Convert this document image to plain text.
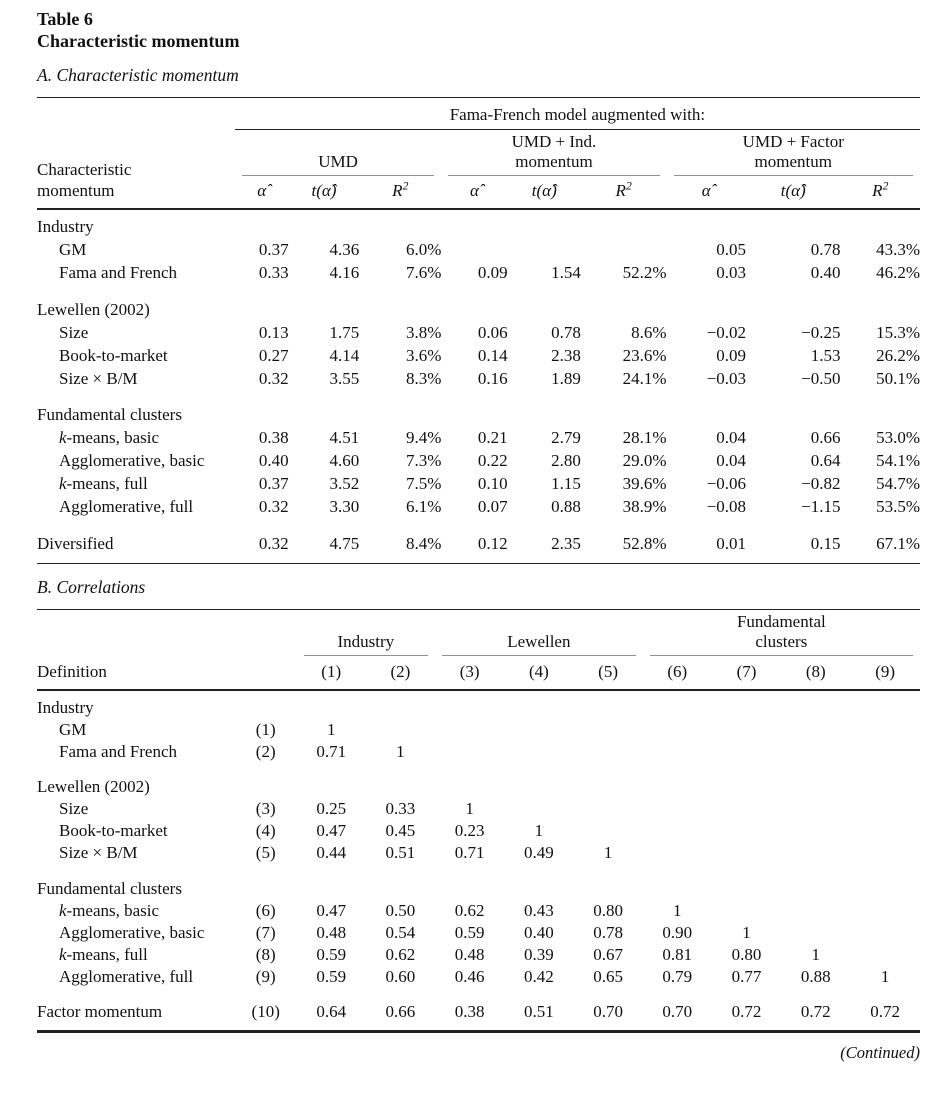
Table 6
Characteristic momentum
A. Characteristic momentum
	Fama-French model augmented with:								
Characteristic
momentum	UMD			UMD + Ind.
momentum			UMD + Factor
momentum		

	α̂	t(α̂)	$R^2$	α̂	t(α̂)	$R^2$	α̂	t(α̂)	$R^2$
Industry									
GM	0.37	4.36	6.0%				0.05	0.78	43.3%
Fama and French	0.33	4.16	7.6%	0.09	1.54	52.2%	0.03	0.40	46.2%
Lewellen (2002)									
Size	0.13	1.75	3.8%	0.06	0.78	8.6%	−0.02	−0.25	15.3%
Book-to-market	0.27	4.14	3.6%	0.14	2.38	23.6%	0.09	1.53	26.2%
Size × B/M	0.32	3.55	8.3%	0.16	1.89	24.1%	−0.03	−0.50	50.1%
Fundamental clusters									
k-means, basic	0.38	4.51	9.4%	0.21	2.79	28.1%	0.04	0.66	53.0%
Agglomerative, basic	0.40	4.60	7.3%	0.22	2.80	29.0%	0.04	0.64	54.1%
k-means, full	0.37	3.52	7.5%	0.10	1.15	39.6%	−0.06	−0.82	54.7%
Agglomerative, full	0.32	3.30	6.1%	0.07	0.88	38.9%	−0.08	−1.15	53.5%
Diversified	0.32	4.75	8.4%	0.12	2.35	52.8%	0.01	0.15	67.1%
B. Correlations

		Industry		Lewellen			Fundamental
clusters			

Definition		(1)	(2)	(3)	(4)	(5)	(6)	(7)	(8)	(9)
Industry										
GM	(1)	1								
Fama and French	(2)	0.71	1							
Lewellen (2002)										
Size	(3)	0.25	0.33	1						
Book-to-market	(4)	0.47	0.45	0.23	1					
Size × B/M	(5)	0.44	0.51	0.71	0.49	1				
Fundamental clusters										
k-means, basic	(6)	0.47	0.50	0.62	0.43	0.80	1			
Agglomerative, basic	(7)	0.48	0.54	0.59	0.40	0.78	0.90	1		
k-means, full	(8)	0.59	0.62	0.48	0.39	0.67	0.81	0.80	1	
Agglomerative, full	(9)	0.59	0.60	0.46	0.42	0.65	0.79	0.77	0.88	1
Factor momentum	(10)	0.64	0.66	0.38	0.51	0.70	0.70	0.72	0.72	0.72
(Continued)
